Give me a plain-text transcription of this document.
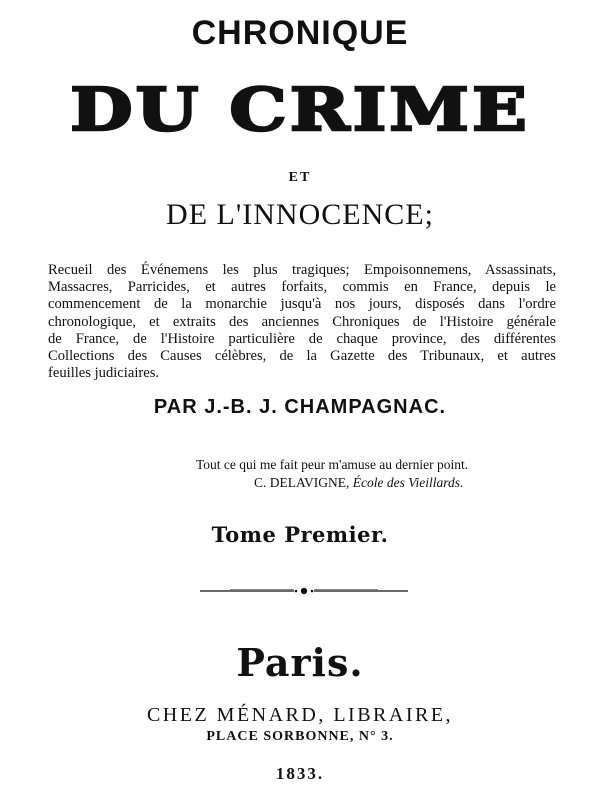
CHRONIQUE
DU CRIME
ET
DE L'INNOCENCE;
Recueil des Événemens les plus tragiques; Empoisonnemens, Assassinats,
Massacres, Parricides, et autres forfaits, commis en France, depuis le
commencement de la monarchie jusqu'à nos jours, disposés dans l'ordre
chronologique, et extraits des anciennes Chroniques de l'Histoire générale
de France, de l'Histoire particulière de chaque province, des différentes
Collections des Causes célèbres, de la Gazette des Tribunaux, et autres
feuilles judiciaires.
PAR J.-B. J. CHAMPAGNAC.
Tout ce qui me fait peur m'amuse au dernier point.
C. DELAVIGNE, École des Vieillards.
Tome Premier.
Paris.
CHEZ MÉNARD, LIBRAIRE,
PLACE SORBONNE, N° 3.
1833.
